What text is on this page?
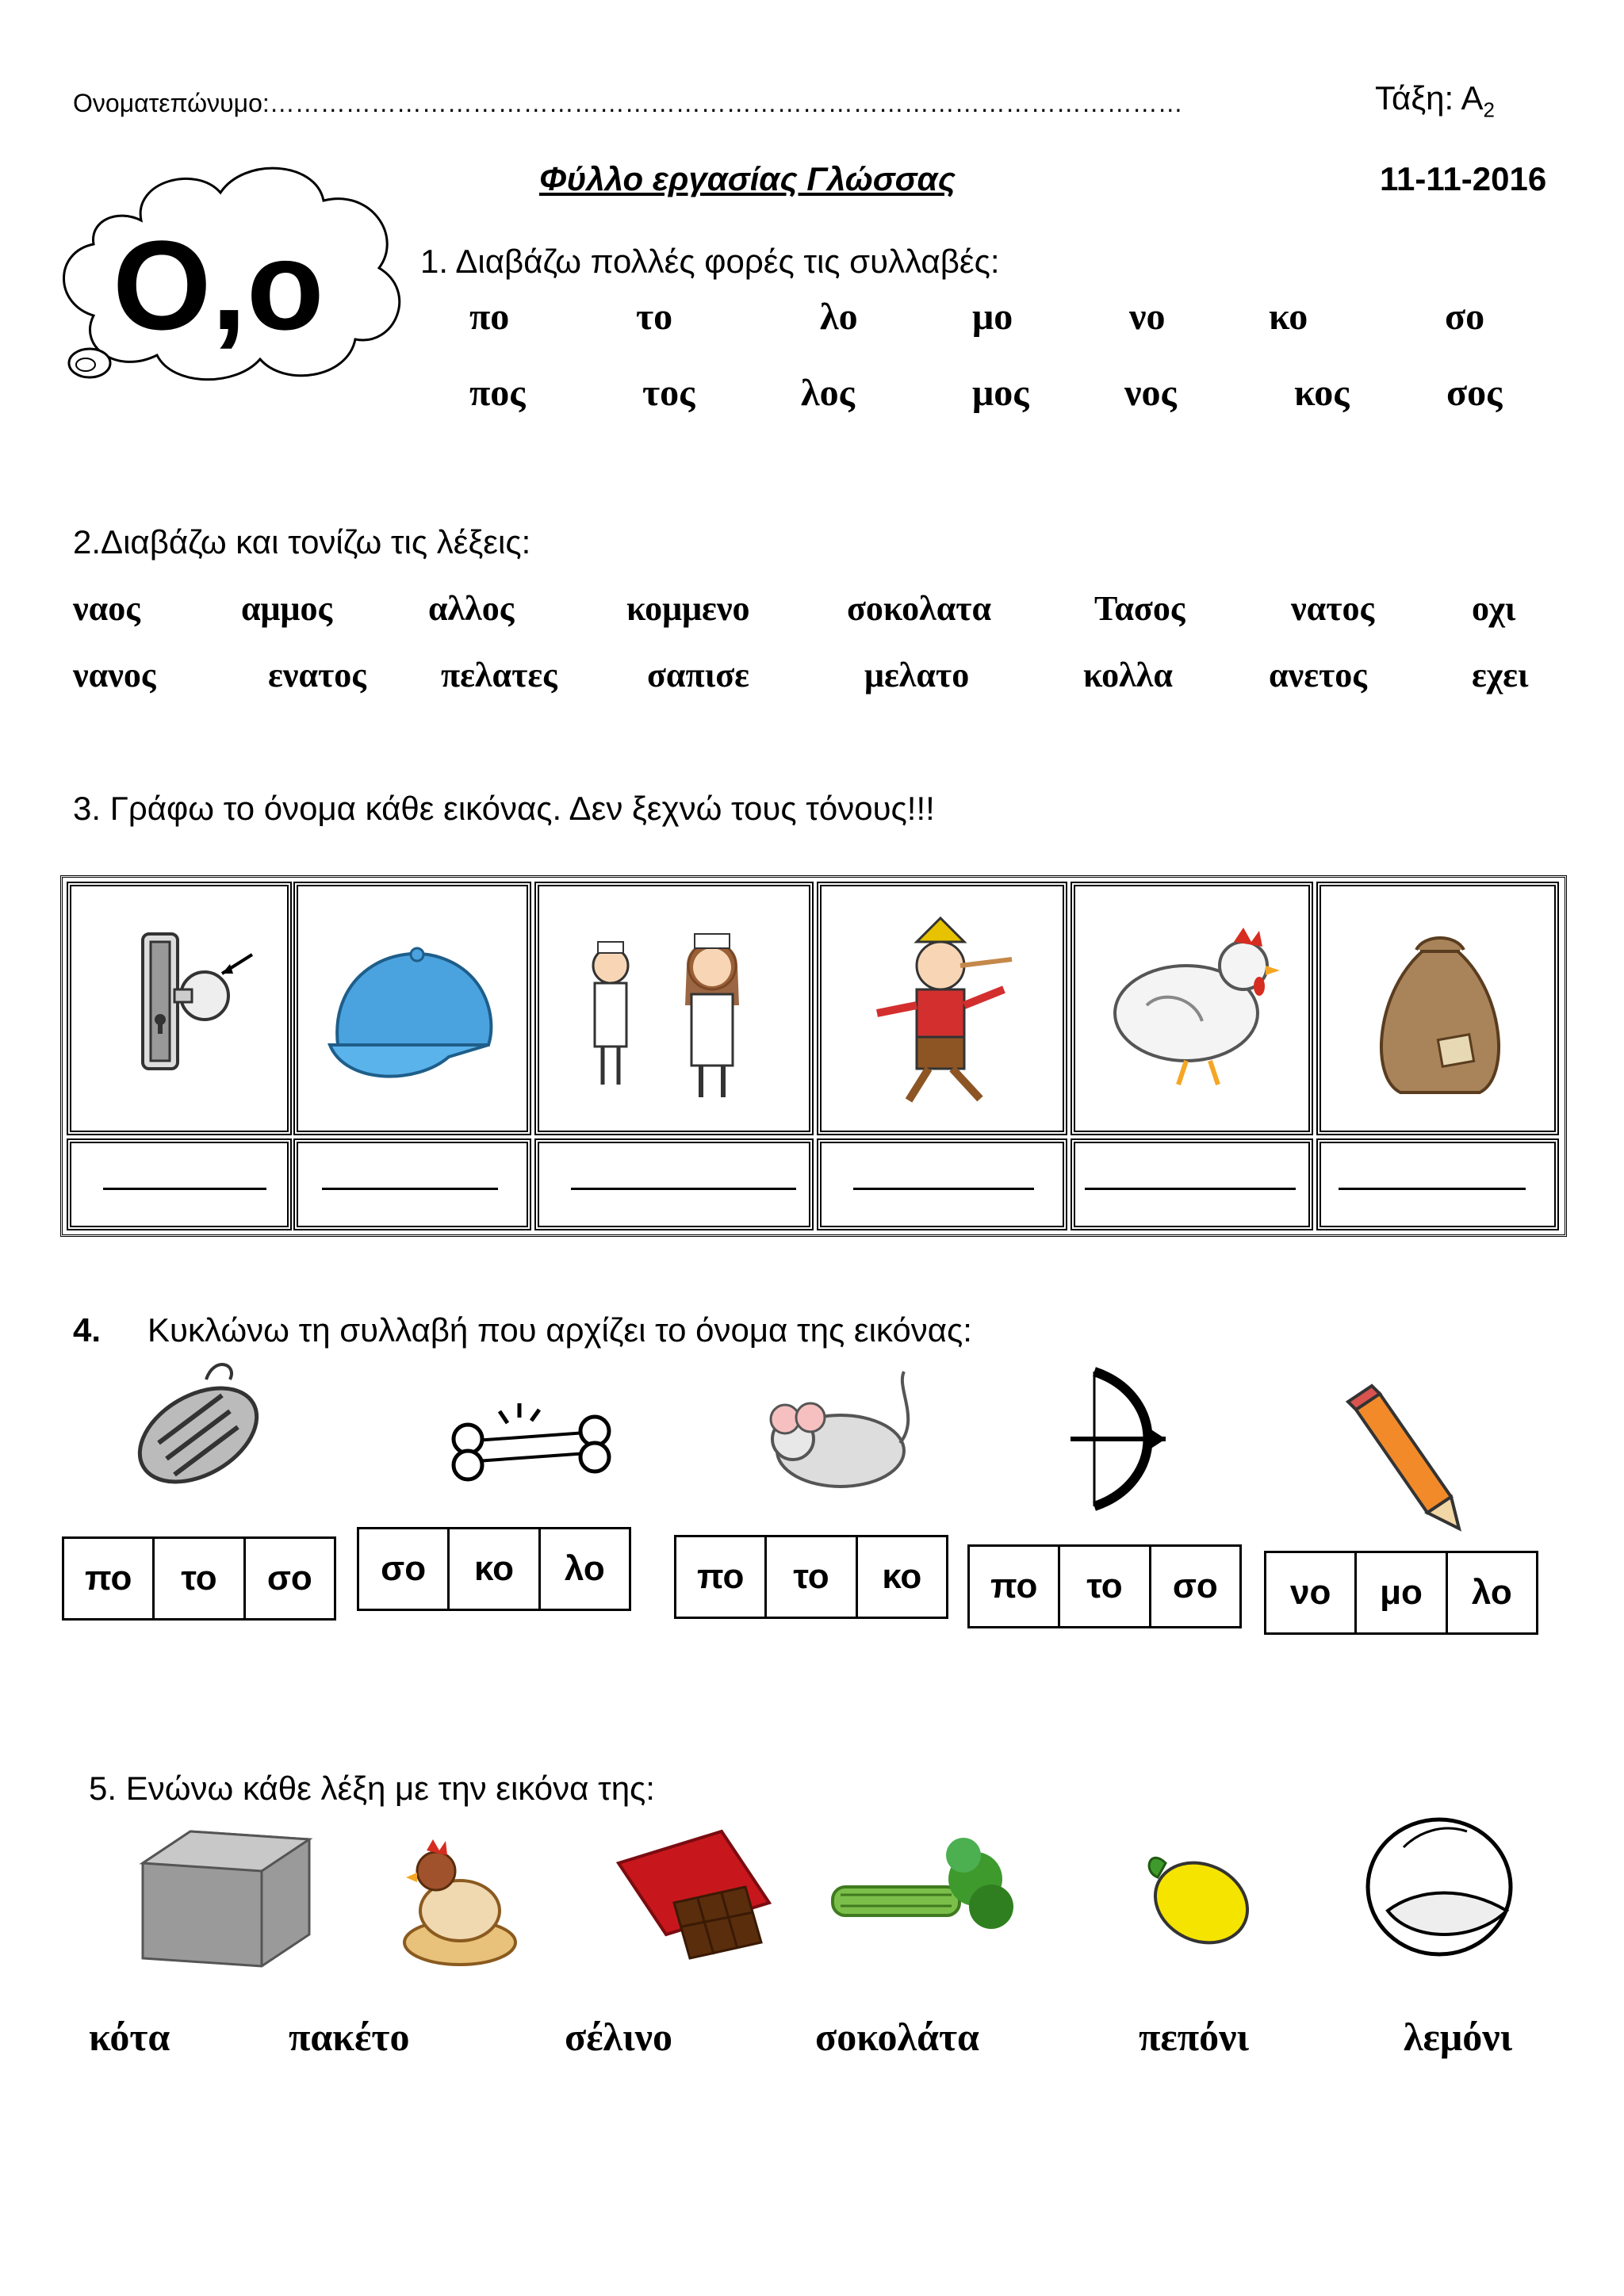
Ονοματεπώνυμο:………………………………………………………………………………………………	Τάξη: $A_2$
Φύλλο εργασίας Γλώσσας	11-11-2016
Ο,ο	1. Διαβάζω πολλές φορές τις συλλαβές:
πο	το	λο	μο	νο	κο	σο
πος	τος	λος	μος	νος	κος	σος
2.Διαβάζω και τονίζω τις λέξεις:
ναος	αμμος	αλλος	κομμενο	σοκολατα	Τασος	νατος	οχι
νανος	ενατος πελατες	σαπισε	μελατο	κολλα	ανετος	εχει
3. Γράφω το όνομα κάθε εικόνας. Δεν ξεχνώ τους τόνους!!!
4. Κυκλώνω τη συλλαβή που αρχίζει το όνομα της εικόνας:
πο	το	σο	σο	κο	λο	πο	το	κο	πο	το	σο	νο	μο	λο
5. Ενώνω κάθε λέξη με την εικόνα της:
κότα	πακέτο	σέλινο	σοκολάτα	πεπόνι	λεμόνι
